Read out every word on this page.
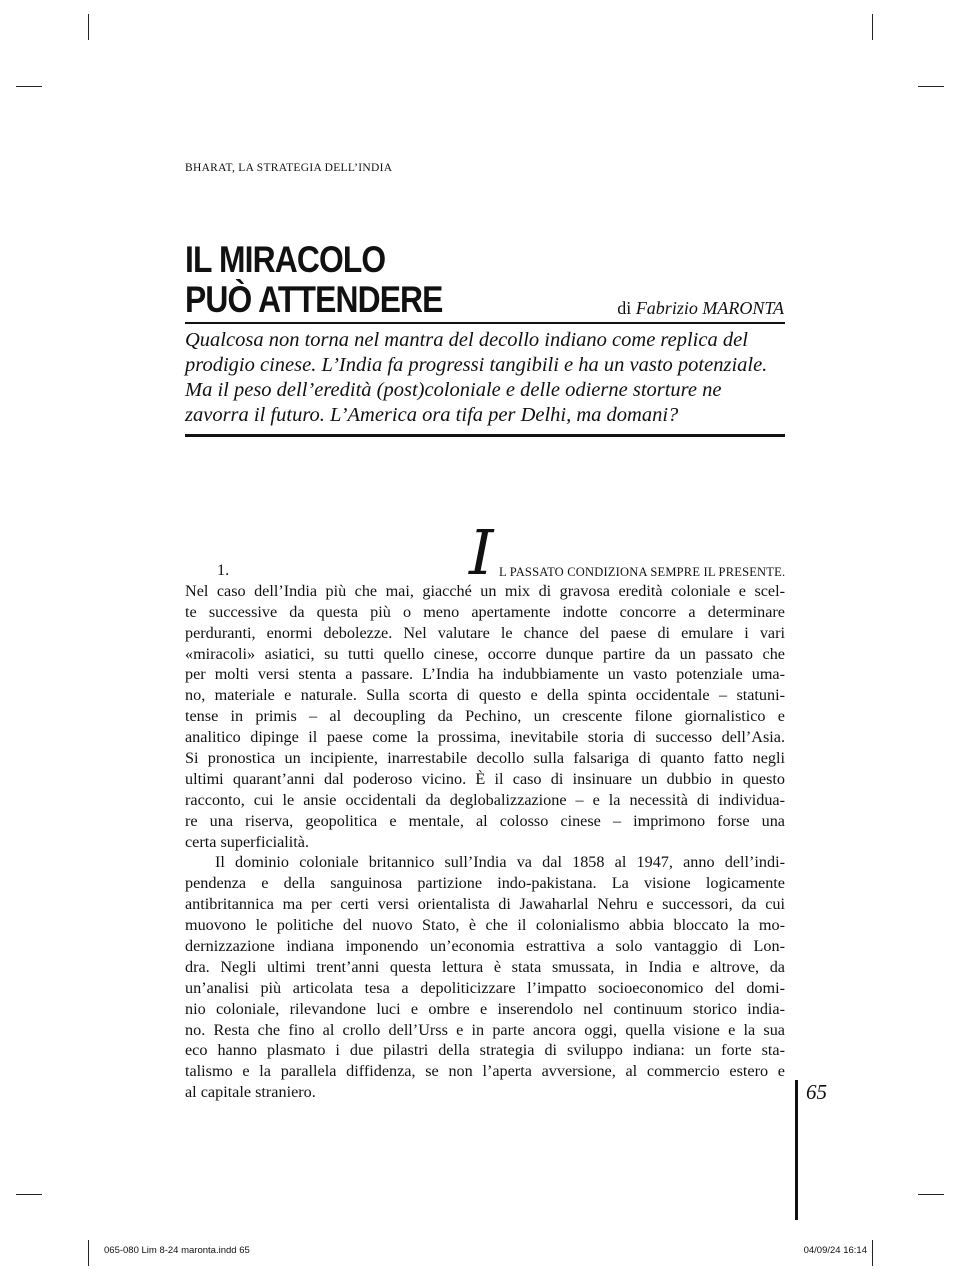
BHARAT, LA STRATEGIA DELL’INDIA
IL MIRACOLO
PUÒ ATTENDERE	di Fabrizio MARONTA
Qualcosa non torna nel mantra del decollo indiano come replica del
prodigio cinese. L’India fa progressi tangibili e ha un vasto potenziale.
Ma il peso dell’eredità (post)coloniale e delle odierne storture ne
zavorra il futuro. L’America ora tifa per Delhi, ma domani?
1.	I L PASSATO CONDIZIONA SEMPRE IL PRESENTE.
Nel caso dell’India più che mai, giacché un mix di gravosa eredità coloniale e scel-
te successive da questa più o meno apertamente indotte concorre a determinare
perduranti, enormi debolezze. Nel valutare le chance del paese di emulare i vari
«miracoli» asiatici, su tutti quello cinese, occorre dunque partire da un passato che
per molti versi stenta a passare. L’India ha indubbiamente un vasto potenziale uma-
no, materiale e naturale. Sulla scorta di questo e della spinta occidentale – statuni-
tense in primis – al decoupling da Pechino, un crescente filone giornalistico e
analitico dipinge il paese come la prossima, inevitabile storia di successo dell’Asia.
Si pronostica un incipiente, inarrestabile decollo sulla falsariga di quanto fatto negli
ultimi quarant’anni dal poderoso vicino. È il caso di insinuare un dubbio in questo
racconto, cui le ansie occidentali da deglobalizzazione – e la necessità di individua-
re una riserva, geopolitica e mentale, al colosso cinese – imprimono forse una
certa superficialità.
Il dominio coloniale britannico sull’India va dal 1858 al 1947, anno dell’indi-
pendenza e della sanguinosa partizione indo-pakistana. La visione logicamente
antibritannica ma per certi versi orientalista di Jawaharlal Nehru e successori, da cui
muovono le politiche del nuovo Stato, è che il colonialismo abbia bloccato la mo-
dernizzazione indiana imponendo un’economia estrattiva a solo vantaggio di Lon-
dra. Negli ultimi trent’anni questa lettura è stata smussata, in India e altrove, da
un’analisi più articolata tesa a depoliticizzare l’impatto socioeconomico del domi-
nio coloniale, rilevandone luci e ombre e inserendolo nel continuum storico india-
no. Resta che fino al crollo dell’Urss e in parte ancora oggi, quella visione e la sua
eco hanno plasmato i due pilastri della strategia di sviluppo indiana: un forte sta-
talismo e la parallela diffidenza, se non l’aperta avversione, al commercio estero e
al capitale straniero.	65
065-080 Lim 8-24 maronta.indd 65	04/09/24 16:14
